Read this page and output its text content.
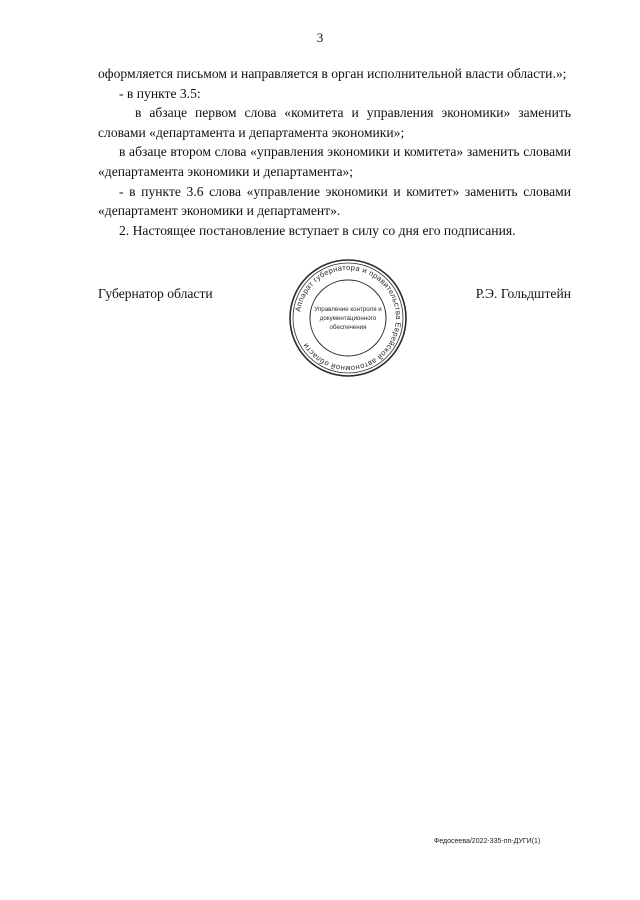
3

оформляется письмом и направляется в орган исполнительной власти области.»;

- в пункте 3.5:

в абзаце первом слова «комитета и управления экономики» заменить словами «департамента и департамента экономики»;

в абзаце втором слова «управления экономики и комитета» заменить словами «департамента экономики и департамента»;

- в пункте 3.6 слова «управление экономики и комитет» заменить словами «департамент экономики и департамент».

2. Настоящее постановление вступает в силу со дня его подписания.

Губернатор области	Р.Э. Гольдштейн
Аппарат губернатора и правительства Еврейской автономной области
Управление контроля и
документационного
обеспечения
Федосеева/2022-335-пп-ДУГИ(1)
